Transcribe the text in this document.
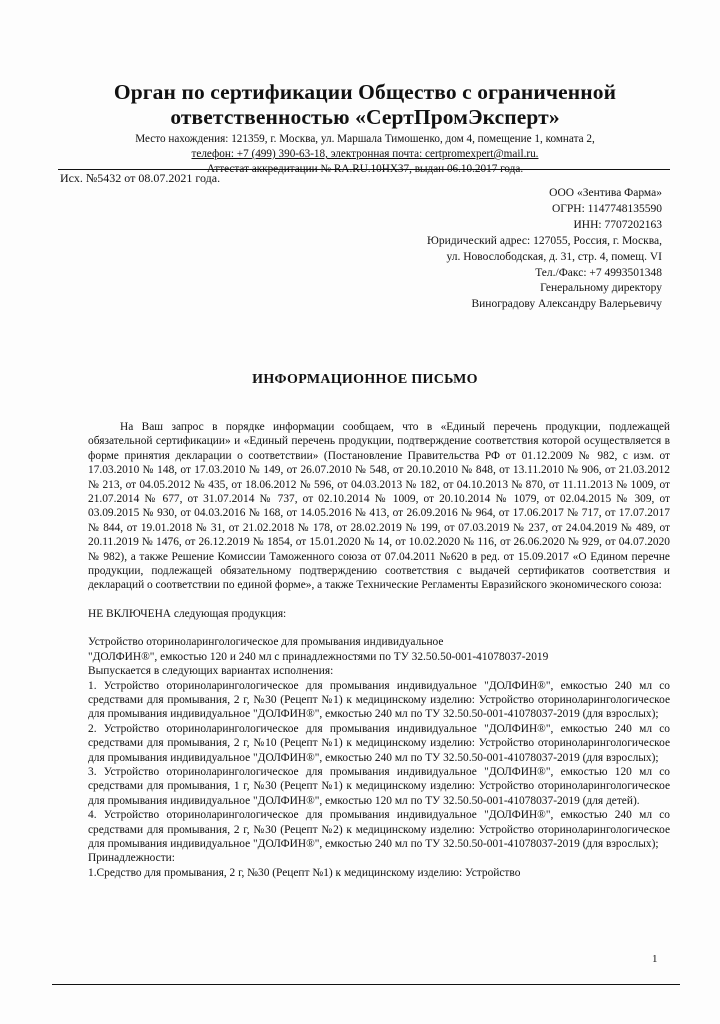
Орган по сертификации Общество с ограниченной

ответственностью «СертПромЭксперт»

Место нахождения: 121359, г. Москва, ул. Маршала Тимошенко, дом 4, помещение 1, комната 2,

телефон: +7 (499) 390-63-18, электронная почта: certpromexpert@mail.ru.

Аттестат аккредитации № RA.RU.10НХ37, выдан 06.10.2017 года.

Исх. №5432 от 08.07.2021 года.
ООО «Зентива Фарма»
ОГРН: 1147748135590
ИНН: 7707202163
Юридический адрес: 127055, Россия, г. Москва,
ул. Новослободская, д. 31, стр. 4, помещ. VI
Тел./Факс: +7 4993501348
Генеральному директору
Виноградову Александру Валерьевичу
ИНФОРМАЦИОННОЕ ПИСЬМО

На Ваш запрос в порядке информации сообщаем, что в «Единый перечень продукции, подлежащей обязательной сертификации» и «Единый перечень продукции, подтверждение соответствия которой осуществляется в форме принятия декларации о соответствии» (Постановление Правительства РФ от 01.12.2009 № 982, с изм. от 17.03.2010 № 148, от 17.03.2010 № 149, от 26.07.2010 № 548, от 20.10.2010 № 848, от 13.11.2010 № 906, от 21.03.2012 № 213, от 04.05.2012 № 435, от 18.06.2012 № 596, от 04.03.2013 № 182, от 04.10.2013 № 870, от 11.11.2013 № 1009, от 21.07.2014 № 677, от 31.07.2014 № 737, от 02.10.2014 № 1009, от 20.10.2014 № 1079, от 02.04.2015 № 309, от 03.09.2015 № 930, от 04.03.2016 № 168, от 14.05.2016 № 413, от 26.09.2016 № 964, от 17.06.2017 № 717, от 17.07.2017 № 844, от 19.01.2018 № 31, от 21.02.2018 № 178, от 28.02.2019 № 199, от 07.03.2019 № 237, от 24.04.2019 № 489, от 20.11.2019 № 1476, от 26.12.2019 № 1854, от 15.01.2020 № 14, от 10.02.2020 № 116, от 26.06.2020 № 929, от 04.07.2020 № 982), а также Решение Комиссии Таможенного союза от 07.04.2011 №620 в ред. от 15.09.2017 «О Едином перечне продукции, подлежащей обязательному подтверждению соответствия с выдачей сертификатов соответствия и деклараций о соответствии по единой форме», а также Технические Регламенты Евразийского экономического союза:

НЕ ВКЛЮЧЕНА следующая продукция:

Устройство оториноларингологическое для промывания индивидуальное

"ДОЛФИН®", емкостью 120 и 240 мл с принадлежностями по ТУ 32.50.50-001-41078037-2019

Выпускается в следующих вариантах исполнения:

1. Устройство оториноларингологическое для промывания индивидуальное "ДОЛФИН®", емкостью 240 мл со средствами для промывания, 2 г, №30 (Рецепт №1) к медицинскому изделию: Устройство оториноларингологическое для промывания индивидуальное "ДОЛФИН®", емкостью 240 мл по ТУ 32.50.50-001-41078037-2019 (для взрослых);

2. Устройство оториноларингологическое для промывания индивидуальное "ДОЛФИН®", емкостью 240 мл со средствами для промывания, 2 г, №10 (Рецепт №1) к медицинскому изделию: Устройство оториноларингологическое для промывания индивидуальное "ДОЛФИН®", емкостью 240 мл по ТУ 32.50.50-001-41078037-2019 (для взрослых);

3. Устройство оториноларингологическое для промывания индивидуальное "ДОЛФИН®", емкостью 120 мл со средствами для промывания, 1 г, №30 (Рецепт №1) к медицинскому изделию: Устройство оториноларингологическое для промывания индивидуальное "ДОЛФИН®", емкостью 120 мл по ТУ 32.50.50-001-41078037-2019 (для детей).

4. Устройство оториноларингологическое для промывания индивидуальное "ДОЛФИН®", емкостью 240 мл со средствами для промывания, 2 г, №30 (Рецепт №2) к медицинскому изделию: Устройство оториноларингологическое для промывания индивидуальное "ДОЛФИН®", емкостью 240 мл по ТУ 32.50.50-001-41078037-2019 (для взрослых);

Принадлежности:

1.Средство для промывания, 2 г, №30 (Рецепт №1) к медицинскому изделию: Устройство

1
